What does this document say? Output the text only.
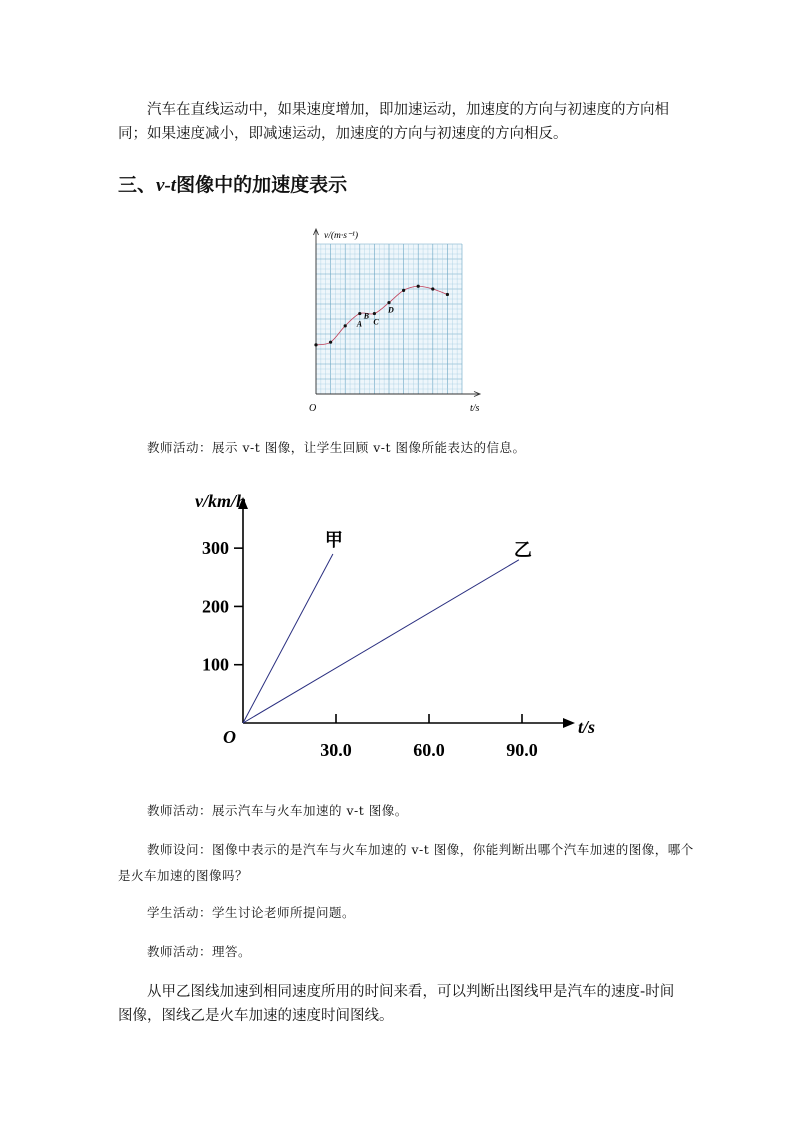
汽车在直线运动中，如果速度增加，即加速运动，加速度的方向与初速度的方向相同；如果速度减小，即减速运动，加速度的方向与初速度的方向相反。

三、v-t图像中的加速度表示
A
B
C
D
v/(m·s⁻¹)
t/s
O

教师活动：展示 v-t 图像，让学生回顾 v-t 图像所能表达的信息。

30.0	60.0	90.0
100
200
300	甲	乙
v/km/h
t/s
O

教师活动：展示汽车与火车加速的 v-t 图像。

教师设问：图像中表示的是汽车与火车加速的 v-t 图像，你能判断出哪个汽车加速的图像，哪个是火车加速的图像吗？

学生活动：学生讨论老师所提问题。

教师活动：理答。

从甲乙图线加速到相同速度所用的时间来看，可以判断出图线甲是汽车的速度-时间图像，图线乙是火车加速的速度时间图线。
